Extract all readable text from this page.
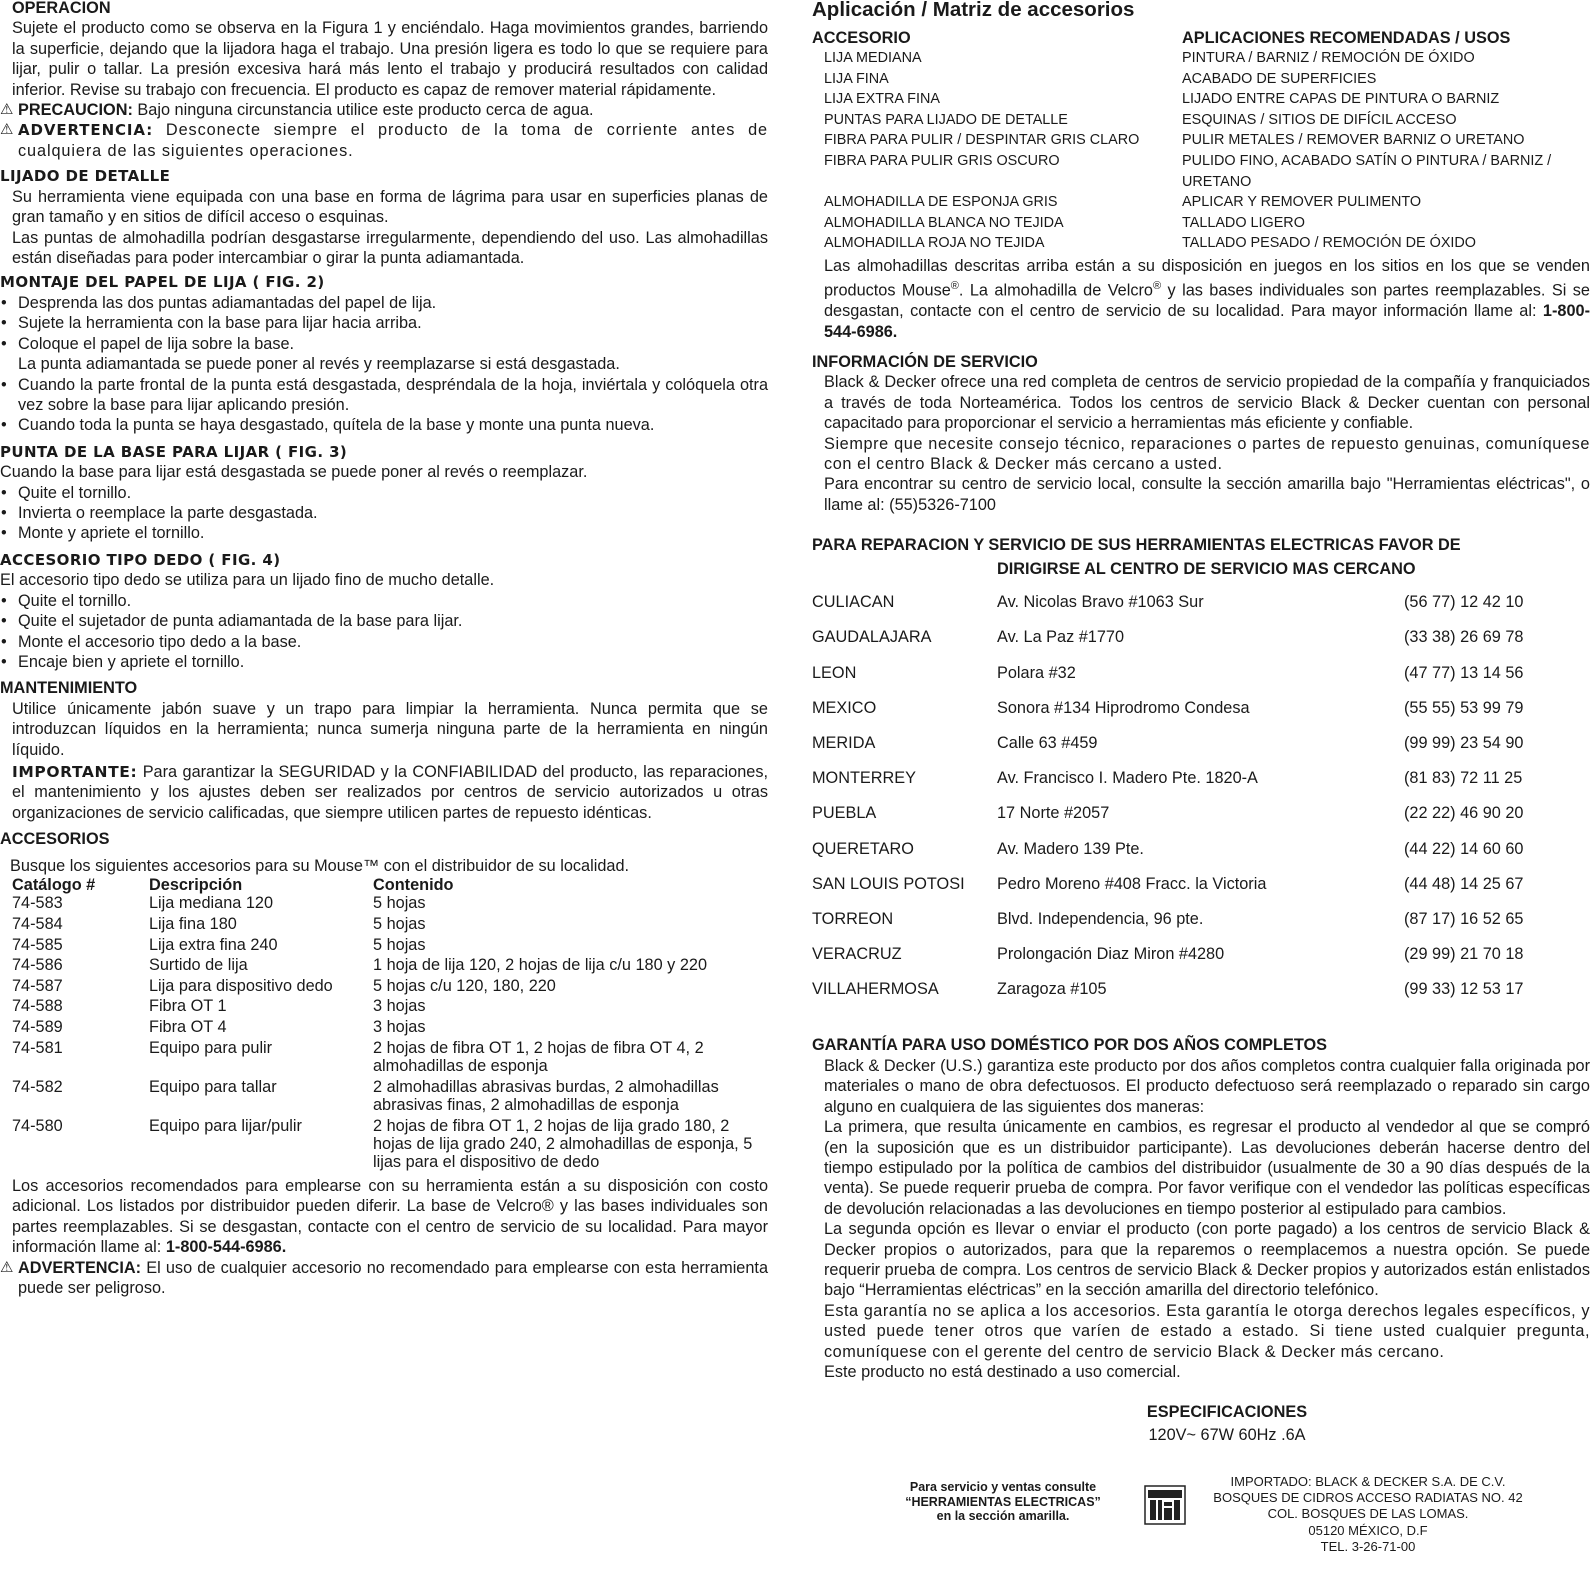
OPERACION

Sujete el producto como se observa en la Figura 1 y enciéndalo. Haga movimientos grandes, barriendo la superficie, dejando que la lijadora haga el trabajo. Una presión ligera es todo lo que se requiere para lijar, pulir o tallar. La presión excesiva hará más lento el trabajo y producirá resultados con calidad inferior. Revise su trabajo con frecuencia. El producto es capaz de remover material rápidamente.

⚠ PRECAUCION: Bajo ninguna circunstancia utilice este producto cerca de agua.

⚠ ADVERTENCIA: Desconecte siempre el producto de la toma de corriente antes de cualquiera de las siguientes operaciones.

LIJADO DE DETALLE

Su herramienta viene equipada con una base en forma de lágrima para usar en superficies planas de gran tamaño y en sitios de difícil acceso o esquinas.

Las puntas de almohadilla podrían desgastarse irregularmente, dependiendo del uso. Las almohadillas están diseñadas para poder intercambiar o girar la punta adiamantada.

MONTAJE DEL PAPEL DE LIJA ( FIG. 2)

• Desprenda las dos puntas adiamantadas del papel de lija.

• Sujete la herramienta con la base para lijar hacia arriba.

• Coloque el papel de lija sobre la base.

La punta adiamantada se puede poner al revés y reemplazarse si está desgastada.

• Cuando la parte frontal de la punta está desgastada, despréndala de la hoja, inviértala y colóquela otra vez sobre la base para lijar aplicando presión.

• Cuando toda la punta se haya desgastado, quítela de la base y monte una punta nueva.

PUNTA DE LA BASE PARA LIJAR ( FIG. 3)

Cuando la base para lijar está desgastada se puede poner al revés o reemplazar.

• Quite el tornillo.

• Invierta o reemplace la parte desgastada.

• Monte y apriete el tornillo.

ACCESORIO TIPO DEDO ( FIG. 4)

El accesorio tipo dedo se utiliza para un lijado fino de mucho detalle.

• Quite el tornillo.

• Quite el sujetador de punta adiamantada de la base para lijar.

• Monte el accesorio tipo dedo a la base.

• Encaje bien y apriete el tornillo.

MANTENIMIENTO

Utilice únicamente jabón suave y un trapo para limpiar la herramienta. Nunca permita que se introduzcan líquidos en la herramienta; nunca sumerja ninguna parte de la herramienta en ningún líquido.

IMPORTANTE: Para garantizar la SEGURIDAD y la CONFIABILIDAD del producto, las reparaciones, el mantenimiento y los ajustes deben ser realizados por centros de servicio autorizados u otras organizaciones de servicio calificadas, que siempre utilicen partes de repuesto idénticas.

ACCESORIOS

Busque los siguientes accesorios para su Mouse™ con el distribuidor de su localidad.

Catálogo #	Descripción	Contenido
74-583	Lija mediana 120	5 hojas
74-584	Lija fina 180	5 hojas
74-585	Lija extra fina 240	5 hojas
74-586	Surtido de lija	1 hoja de lija 120, 2 hojas de lija c/u 180 y 220
74-587	Lija para dispositivo dedo	5 hojas c/u 120, 180, 220
74-588	Fibra OT 1	3 hojas
74-589	Fibra OT 4	3 hojas
74-581	Equipo para pulir	2 hojas de fibra OT 1, 2 hojas de fibra OT 4, 2 almohadillas de esponja
74-582	Equipo para tallar	2 almohadillas abrasivas burdas, 2 almohadillas abrasivas finas, 2 almohadillas de esponja
74-580	Equipo para lijar/pulir	2 hojas de fibra OT 1, 2 hojas de lija grado 180, 2 hojas de lija grado 240, 2 almohadillas de esponja, 5 lijas para el dispositivo de dedo

Los accesorios recomendados para emplearse con su herramienta están a su disposición con costo adicional. Los listados por distribuidor pueden diferir. La base de Velcro® y las bases individuales son partes reemplazables. Si se desgastan, contacte con el centro de servicio de su localidad. Para mayor información llame al: 1-800-544-6986.

⚠ ADVERTENCIA: El uso de cualquier accesorio no recomendado para emplearse con esta herramienta puede ser peligroso.

Aplicación / Matriz de accesorios

ACCESORIO	APLICACIONES RECOMENDADAS / USOS
LIJA MEDIANA	PINTURA / BARNIZ / REMOCIÓN DE ÓXIDO
LIJA FINA	ACABADO DE SUPERFICIES
LIJA EXTRA FINA	LIJADO ENTRE CAPAS DE PINTURA O BARNIZ
PUNTAS PARA LIJADO DE DETALLE	ESQUINAS / SITIOS DE DIFÍCIL ACCESO
FIBRA PARA PULIR / DESPINTAR GRIS CLARO	PULIR METALES / REMOVER BARNIZ O URETANO
FIBRA PARA PULIR GRIS OSCURO	PULIDO FINO, ACABADO SATÍN O PINTURA / BARNIZ / URETANO
ALMOHADILLA DE ESPONJA GRIS	APLICAR Y REMOVER PULIMENTO
ALMOHADILLA BLANCA NO TEJIDA	TALLADO LIGERO
ALMOHADILLA ROJA NO TEJIDA	TALLADO PESADO / REMOCIÓN DE ÓXIDO

Las almohadillas descritas arriba están a su disposición en juegos en los sitios en los que se venden productos Mouse®. La almohadilla de Velcro® y las bases individuales son partes reemplazables. Si se desgastan, contacte con el centro de servicio de su localidad. Para mayor información llame al: 1-800-544-6986.

INFORMACIÓN DE SERVICIO

Black & Decker ofrece una red completa de centros de servicio propiedad de la compañía y franquiciados a través de toda Norteamérica. Todos los centros de servicio Black & Decker cuentan con personal capacitado para proporcionar el servicio a herramientas más eficiente y confiable.

Siempre que necesite consejo técnico, reparaciones o partes de repuesto genuinas, comuníquese con el centro Black & Decker más cercano a usted.

Para encontrar su centro de servicio local, consulte la sección amarilla bajo "Herramientas eléctricas", o llame al: (55)5326-7100

PARA REPARACION Y SERVICIO DE SUS HERRAMIENTAS ELECTRICAS FAVOR DE

DIRIGIRSE AL CENTRO DE SERVICIO MAS CERCANO

CULIACAN	Av. Nicolas Bravo #1063 Sur	(56 77) 12 42 10
GAUDALAJARA	Av. La Paz #1770	(33 38) 26 69 78
LEON	Polara #32	(47 77) 13 14 56
MEXICO	Sonora #134 Hiprodromo Condesa	(55 55) 53 99 79
MERIDA	Calle 63 #459	(99 99) 23 54 90
MONTERREY	Av. Francisco I. Madero Pte. 1820-A	(81 83) 72 11 25
PUEBLA	17 Norte #2057	(22 22) 46 90 20
QUERETARO	Av. Madero 139 Pte.	(44 22) 14 60 60
SAN LOUIS POTOSI	Pedro Moreno #408 Fracc. la Victoria	(44 48) 14 25 67
TORREON	Blvd. Independencia, 96 pte.	(87 17) 16 52 65
VERACRUZ	Prolongación Diaz Miron #4280	(29 99) 21 70 18
VILLAHERMOSA	Zaragoza #105	(99 33) 12 53 17

GARANTÍA PARA USO DOMÉSTICO POR DOS AÑOS COMPLETOS

Black & Decker (U.S.) garantiza este producto por dos años completos contra cualquier falla originada por materiales o mano de obra defectuosos. El producto defectuoso será reemplazado o reparado sin cargo alguno en cualquiera de las siguientes dos maneras:

La primera, que resulta únicamente en cambios, es regresar el producto al vendedor al que se compró (en la suposición que es un distribuidor participante). Las devoluciones deberán hacerse dentro del tiempo estipulado por la política de cambios del distribuidor (usualmente de 30 a 90 días después de la venta). Se puede requerir prueba de compra. Por favor verifique con el vendedor las políticas específicas de devolución relacionadas a las devoluciones en tiempo posterior al estipulado para cambios.

La segunda opción es llevar o enviar el producto (con porte pagado) a los centros de servicio Black & Decker propios o autorizados, para que la reparemos o reemplacemos a nuestra opción. Se puede requerir prueba de compra. Los centros de servicio Black & Decker propios y autorizados están enlistados bajo “Herramientas eléctricas” en la sección amarilla del directorio telefónico.

Esta garantía no se aplica a los accesorios. Esta garantía le otorga derechos legales específicos, y usted puede tener otros que varíen de estado a estado. Si tiene usted cualquier pregunta, comuníquese con el gerente del centro de servicio Black & Decker más cercano.

Este producto no está destinado a uso comercial.

ESPECIFICACIONES

120V~ 67W 60Hz .6A

Para servicio y ventas consulte
“HERRAMIENTAS ELECTRICAS”
en la sección amarilla.
IMPORTADO: BLACK & DECKER S.A. DE C.V.
BOSQUES DE CIDROS ACCESO RADIATAS NO. 42
COL. BOSQUES DE LAS LOMAS.
05120 MÉXICO, D.F
TEL. 3-26-71-00
